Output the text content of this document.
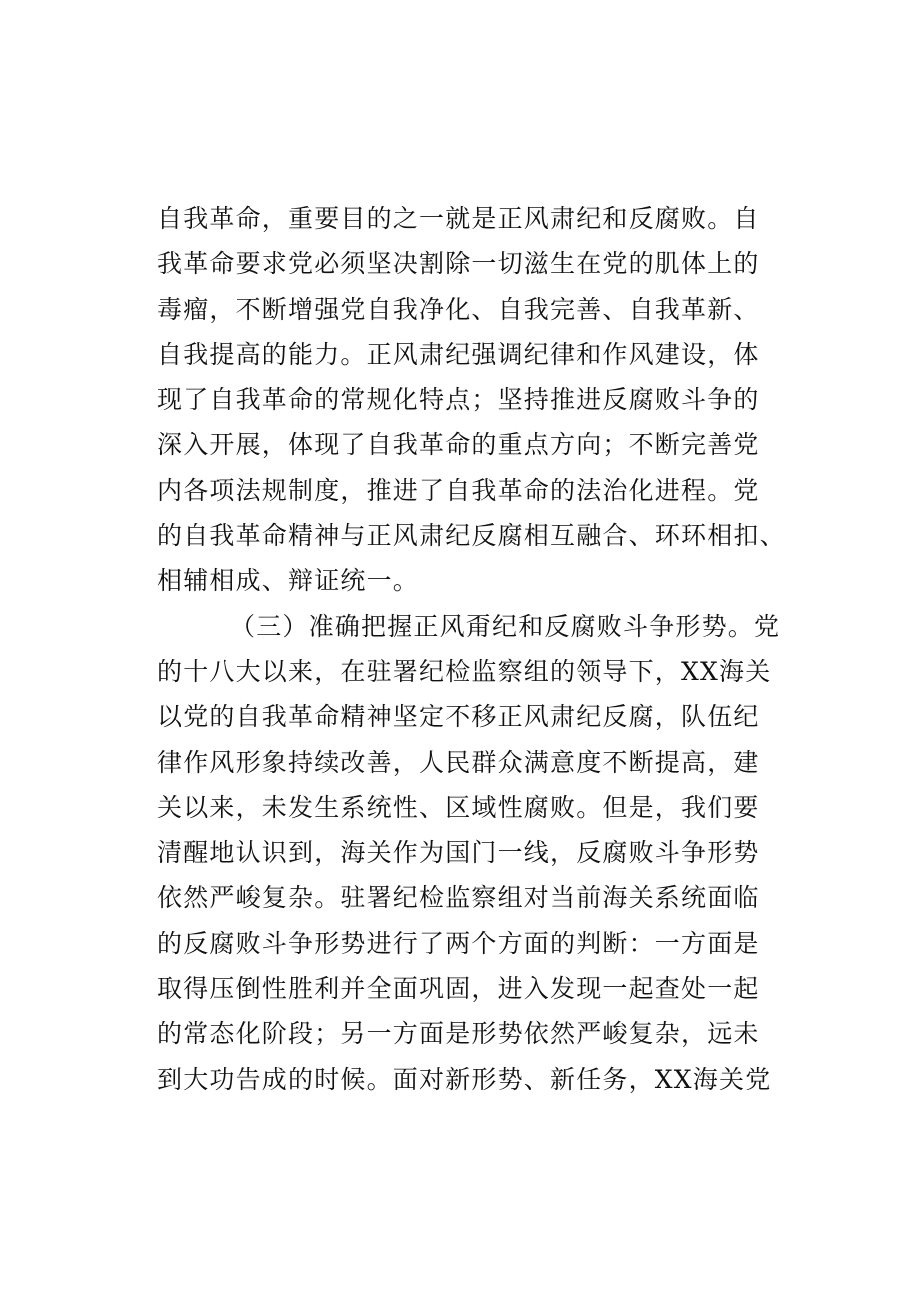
自我革命，重要目的之一就是正风肃纪和反腐败。自
我革命要求党必须坚决割除一切滋生在党的肌体上的
毒瘤，不断增强党自我净化、自我完善、自我革新、
自我提高的能力。正风肃纪强调纪律和作风建设，体
现了自我革命的常规化特点；坚持推进反腐败斗争的
深入开展，体现了自我革命的重点方向；不断完善党
内各项法规制度，推进了自我革命的法治化进程。党
的自我革命精神与正风肃纪反腐相互融合、环环相扣、
相辅相成、辩证统一。
（三）准确把握正风甭纪和反腐败斗争形势。党
的十八大以来，在驻署纪检监察组的领导下，XX海关
以党的自我革命精神坚定不移正风肃纪反腐，队伍纪
律作风形象持续改善，人民群众满意度不断提高，建
关以来，未发生系统性、区域性腐败。但是，我们要
清醒地认识到，海关作为国门一线，反腐败斗争形势
依然严峻复杂。驻署纪检监察组对当前海关系统面临
的反腐败斗争形势进行了两个方面的判断：一方面是
取得压倒性胜利并全面巩固，进入发现一起查处一起
的常态化阶段；另一方面是形势依然严峻复杂，远未
到大功告成的时候。面对新形势、新任务，XX海关党
